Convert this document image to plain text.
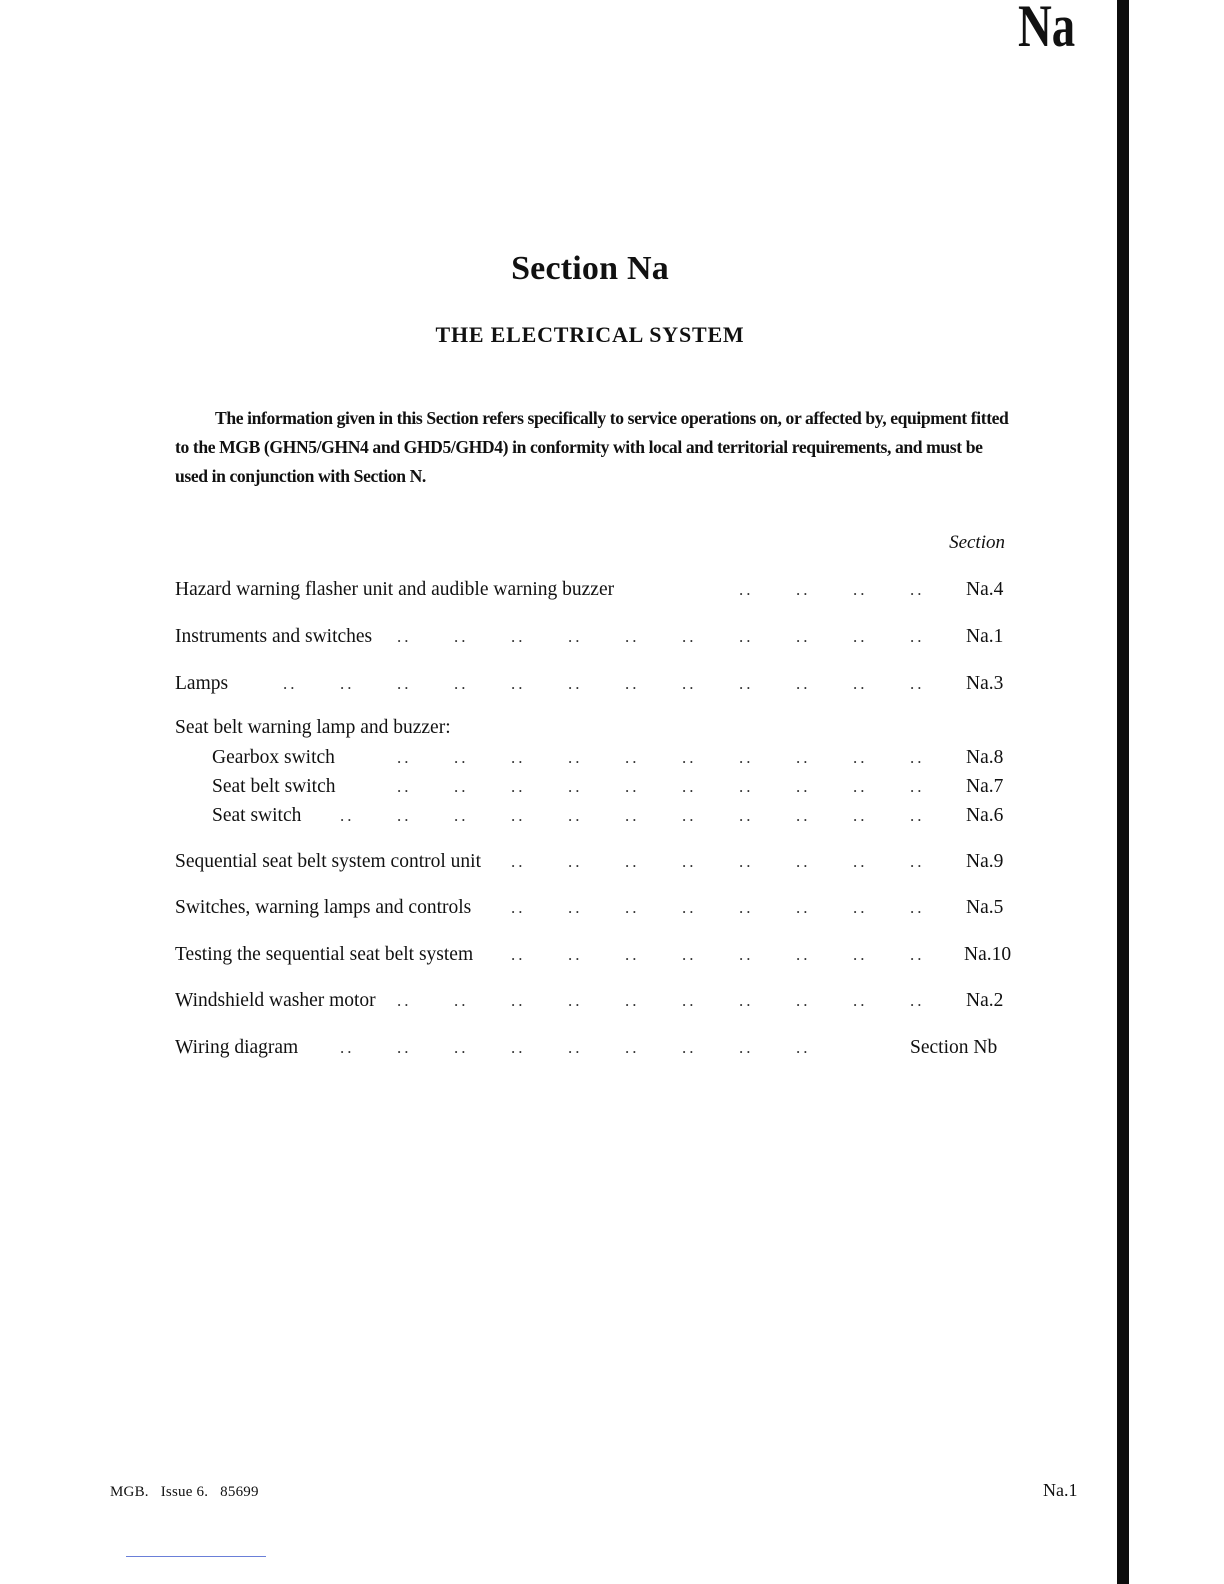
Na
Section Na
THE ELECTRICAL SYSTEM
The information given in this Section refers specifically to service operations on, or affected by, equipment fitted to the MGB (GHN5/GHN4 and GHD5/GHD4) in conformity with local and territorial requirements, and must be used in conjunction with Section N.
Section
Hazard warning flasher unit and audible warning buzzer	..	..	..	.. Na.4
Instruments and switches ..	..	..	..	..	..	..	..	..	.. Na.1
Lamps	..	..	..	..	..	..	..	..	..	..	..	.. Na.3
Seat belt warning lamp and buzzer:
Gearbox switch	..	..	..	..	..	..	..	..	..	.. Na.8
Seat belt switch	..	..	..	..	..	..	..	..	..	.. Na.7
Seat switch ..	..	..	..	..	..	..	..	..	..	.. Na.6
Sequential seat belt system control unit ..	..	..	..	..	..	..	.. Na.9
Switches, warning lamps and controls ..	..	..	..	..	..	..	.. Na.5
Testing the sequential seat belt system ..	..	..	..	..	..	..	.. Na.10
Windshield washer motor ..	..	..	..	..	..	..	..	..	.. Na.2
Wiring diagram ..	..	..	..	..	..	..	..	..	Section Nb
MGB. Issue 6. 85699	Na.1
